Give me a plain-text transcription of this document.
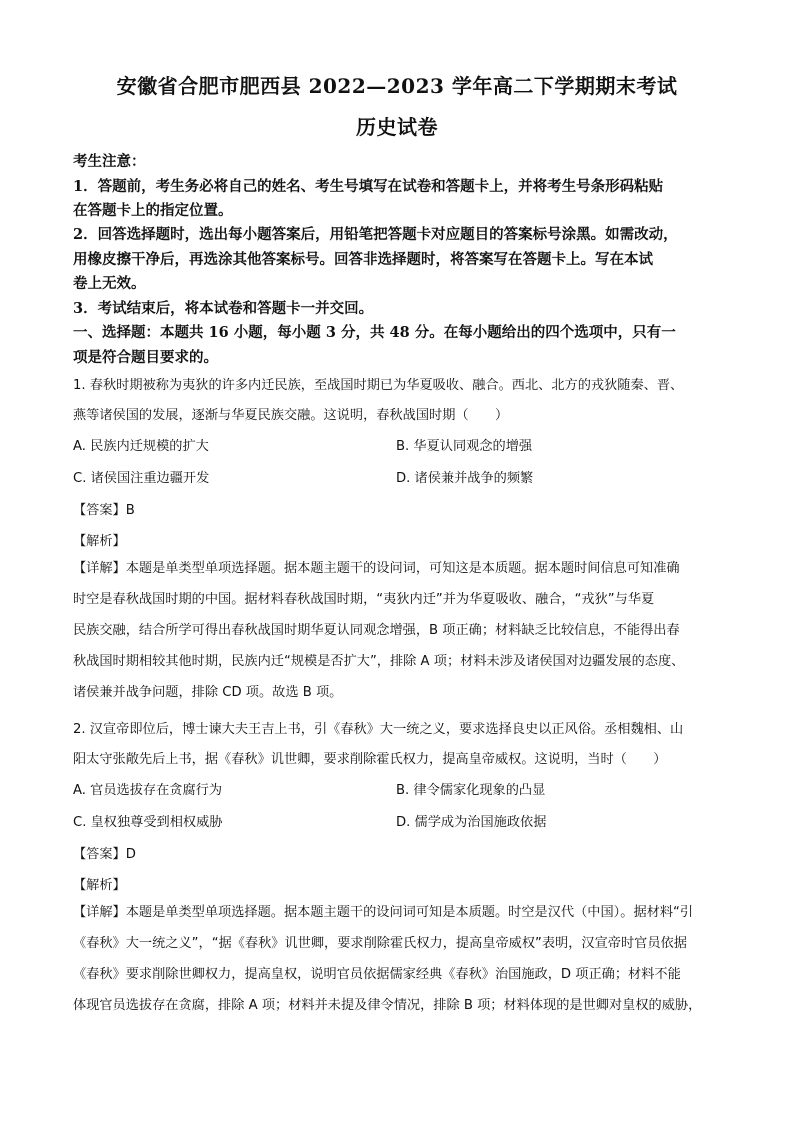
安徽省合肥市肥西县 2022—2023 学年高二下学期期末考试
历史试卷
考生注意：
1．答题前，考生务必将自己的姓名、考生号填写在试卷和答题卡上，并将考生号条形码粘贴
在答题卡上的指定位置。
2．回答选择题时，选出每小题答案后，用铅笔把答题卡对应题目的答案标号涂黑。如需改动，
用橡皮擦干净后，再选涂其他答案标号。回答非选择题时，将答案写在答题卡上。写在本试
卷上无效。
3．考试结束后，将本试卷和答题卡一并交回。
一、选择题：本题共 16 小题，每小题 3 分，共 48 分。在每小题给出的四个选项中，只有一
项是符合题目要求的。
1. 春秋时期被称为夷狄的许多内迁民族，至战国时期已为华夏吸收、融合。西北、北方的戎狄随秦、晋、
燕等诸侯国的发展，逐渐与华夏民族交融。这说明，春秋战国时期（　　）
A. 民族内迁规模的扩大	B. 华夏认同观念的增强
C. 诸侯国注重边疆开发	D. 诸侯兼并战争的频繁
【答案】B
【解析】

【详解】本题是单类型单项选择题。据本题主题干的设问词，可知这是本质题。据本题时间信息可知准确

时空是春秋战国时期的中国。据材料春秋战国时期，“夷狄内迁”并为华夏吸收、融合，“戎狄”与华夏

民族交融，结合所学可得出春秋战国时期华夏认同观念增强，B 项正确；材料缺乏比较信息，不能得出春

秋战国时期相较其他时期，民族内迁“规模是否扩大”，排除 A 项；材料未涉及诸侯国对边疆发展的态度、

诸侯兼并战争问题，排除 CD 项。故选 B 项。

2. 汉宣帝即位后，博士谏大夫王吉上书，引《春秋》大一统之义，要求选择良史以正风俗。丞相魏相、山
阳太守张敞先后上书，据《春秋》讥世卿，要求削除霍氏权力，提高皇帝威权。这说明，当时（　　）
A. 官员选拔存在贪腐行为	B. 律令儒家化现象的凸显
C. 皇权独尊受到相权威胁	D. 儒学成为治国施政依据
【答案】D
【解析】

【详解】本题是单类型单项选择题。据本题主题干的设问词可知是本质题。时空是汉代（中国）。据材料“引

《春秋》大一统之义”，“据《春秋》讥世卿，要求削除霍氏权力，提高皇帝威权”表明，汉宣帝时官员依据

《春秋》要求削除世卿权力，提高皇权，说明官员依据儒家经典《春秋》治国施政，D 项正确；材料不能

体现官员选拔存在贪腐，排除 A 项；材料并未提及律令情况，排除 B 项；材料体现的是世卿对皇权的威胁，
